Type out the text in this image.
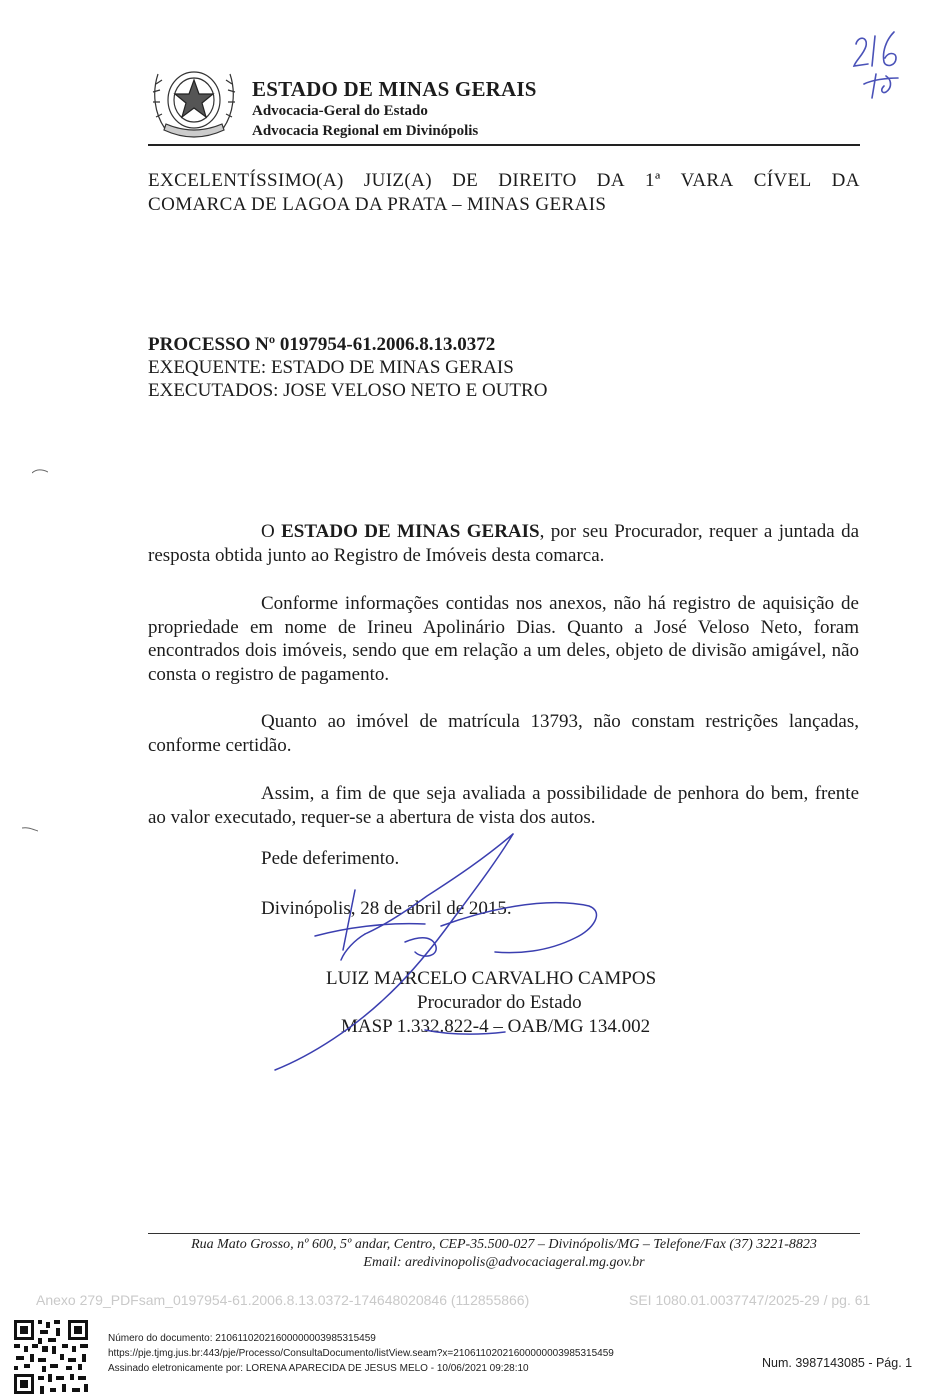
ESTADO DE MINAS GERAIS
Advocacia-Geral do Estado
Advocacia Regional em Divinópolis
EXCELENTÍSSIMO(A) JUIZ(A) DE DIREITO DA 1ª VARA CÍVEL DA
COMARCA DE LAGOA DA PRATA – MINAS GERAIS
PROCESSO Nº 0197954-61.2006.8.13.0372
EXEQUENTE: ESTADO DE MINAS GERAIS
EXECUTADOS: JOSE VELOSO NETO E OUTRO
O ESTADO DE MINAS GERAIS, por seu Procurador, requer a juntada da resposta obtida junto ao Registro de Imóveis desta comarca.
Conforme informações contidas nos anexos, não há registro de aquisição de propriedade em nome de Irineu Apolinário Dias. Quanto a José Veloso Neto, foram encontrados dois imóveis, sendo que em relação a um deles, objeto de divisão amigável, não consta o registro de pagamento.
Quanto ao imóvel de matrícula 13793, não constam restrições lançadas, conforme certidão.
Assim, a fim de que seja avaliada a possibilidade de penhora do bem, frente ao valor executado, requer-se a abertura de vista dos autos.
Pede deferimento.
Divinópolis, 28 de abril de 2015.
LUIZ MARCELO CARVALHO CAMPOS
Procurador do Estado
MASP 1.332.822-4 – OAB/MG 134.002
Rua Mato Grosso, nº 600, 5º andar, Centro, CEP-35.500-027 – Divinópolis/MG – Telefone/Fax (37) 3221-8823
Email: aredivinopolis@advocaciageral.mg.gov.br
Anexo 279_PDFsam_0197954-61.2006.8.13.0372-174648020846 (112855866)	SEI 1080.01.0037747/2025-29 / pg. 61
Número do documento: 21061102021600000003985315459
https://pje.tjmg.jus.br:443/pje/Processo/ConsultaDocumento/listView.seam?x=21061102021600000003985315459
Assinado eletronicamente por: LORENA APARECIDA DE JESUS MELO - 10/06/2021 09:28:10	Num. 3987143085 - Pág. 1
